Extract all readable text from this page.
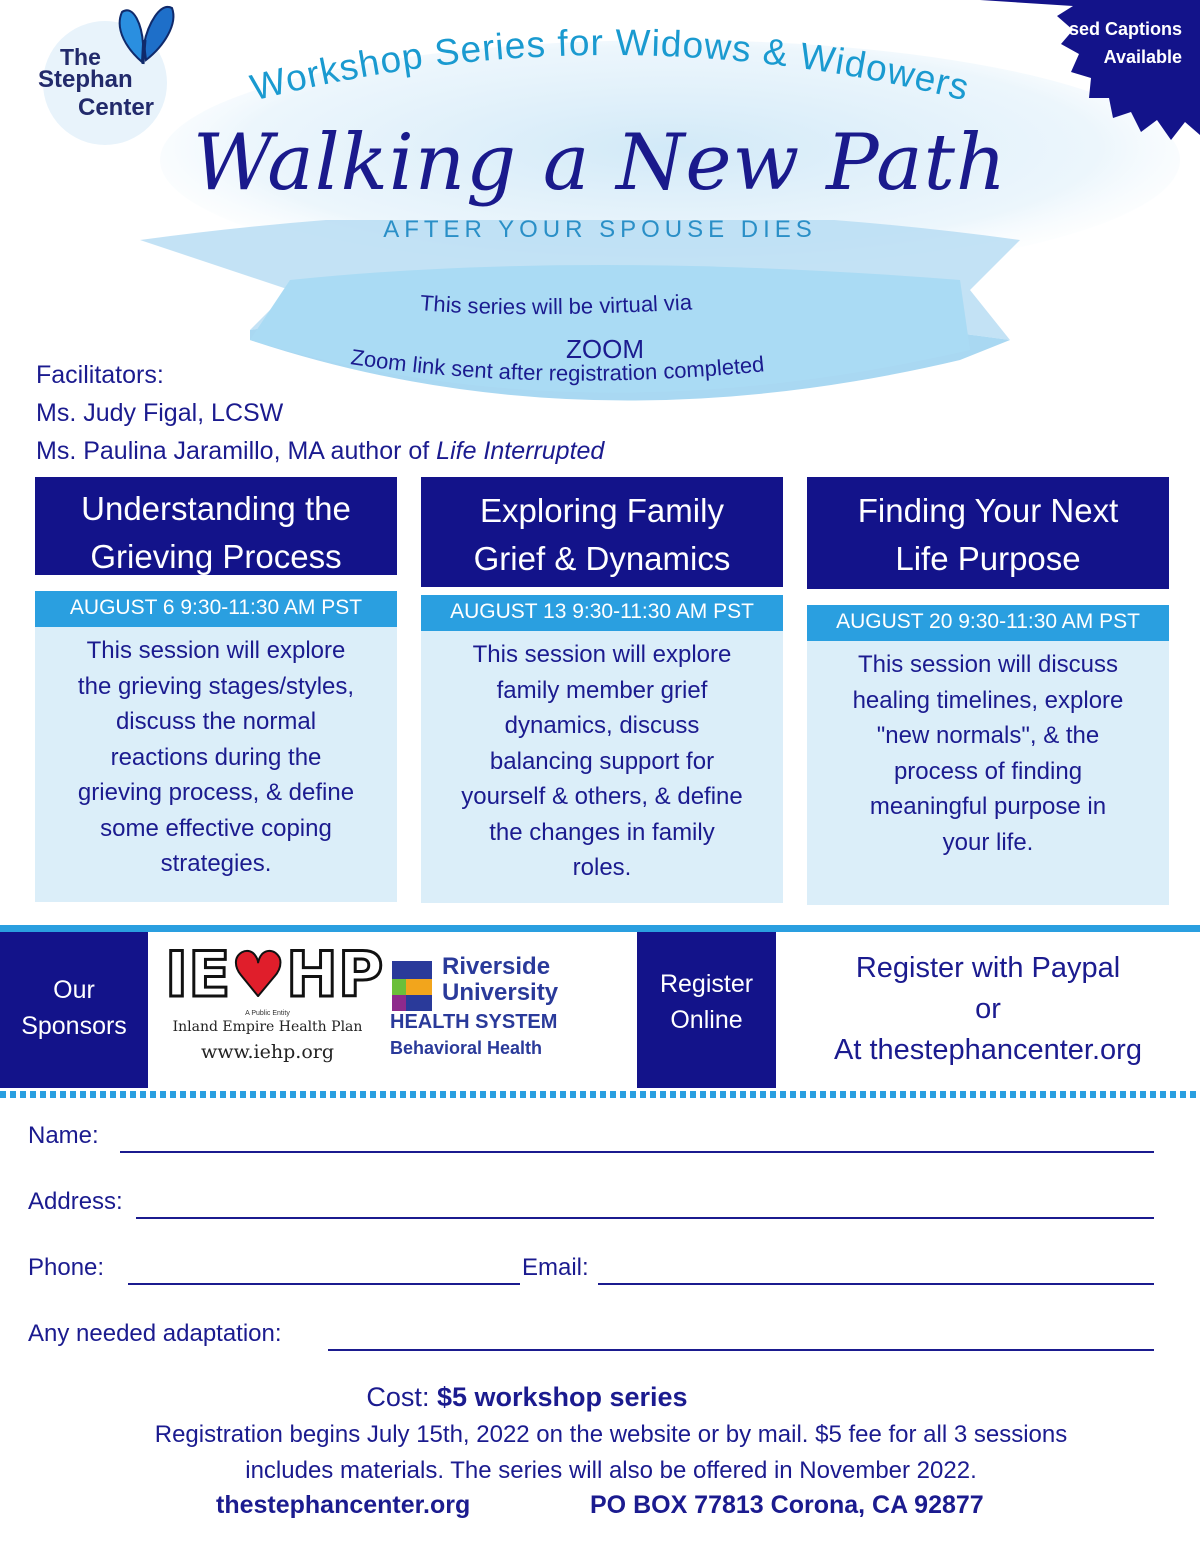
The
Stephan
Center
Closed Captions
Available
Workshop Series for Widows & Widowers
Walking a New Path
AFTER YOUR SPOUSE DIES
This series will be virtual via
ZOOM
Zoom link sent after registration completed
Facilitators:
Ms. Judy Figal, LCSW
Ms. Paulina Jaramillo, MA author of Life Interrupted
Understanding the
Grieving Process
AUGUST 6 9:30-11:30 AM PST
This session will explore
the grieving stages/styles,
discuss the normal
reactions during the
grieving process, & define
some effective coping
strategies.
Exploring Family
Grief & Dynamics
AUGUST 13 9:30-11:30 AM PST
This session will explore
family member grief
dynamics, discuss
balancing support for
yourself & others, & define
the changes in family
roles.
Finding Your Next
Life Purpose
AUGUST 20 9:30-11:30 AM PST
This session will discuss
healing timelines, explore
"new normals", & the
process of finding
meaningful purpose in
your life.
Our
Sponsors
IE♥HP
A Public Entity
Inland Empire Health Plan
www.iehp.org
Riverside
University
HEALTH SYSTEM
Behavioral Health
Register
Online
Register with Paypal
or
At thestephancenter.org
Name:
Address:
Phone:	Email:
Any needed adaptation:
Cost: $5 workshop series
Registration begins July 15th, 2022 on the website or by mail. $5 fee for all 3 sessions
includes materials. The series will also be offered in November 2022.
thestephancenter.org	PO BOX 77813 Corona, CA 92877
